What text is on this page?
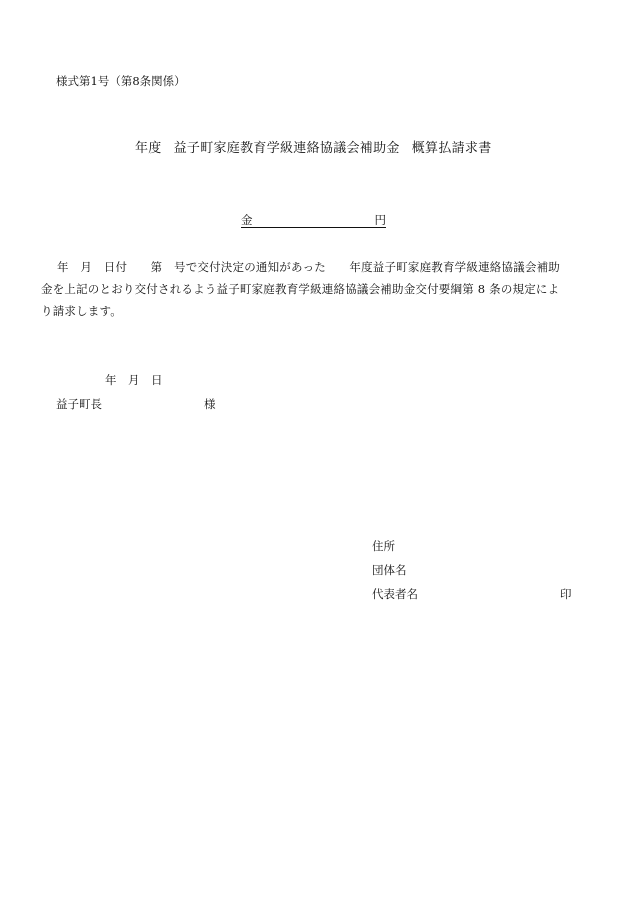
様式第1号（第8条関係）
年度 益子町家庭教育学級連絡協議会補助金 概算払請求書
金	円
年　月　日付　　第　号で交付決定の通知があった　　年度益子町家庭教育学級連絡協議会補助
金を上記のとおり交付されるよう益子町家庭教育学級連絡協議会補助金交付要綱第 8 条の規定によ
り請求します。
年　月　日
益子町長	様
住所
団体名
代表者名	印
